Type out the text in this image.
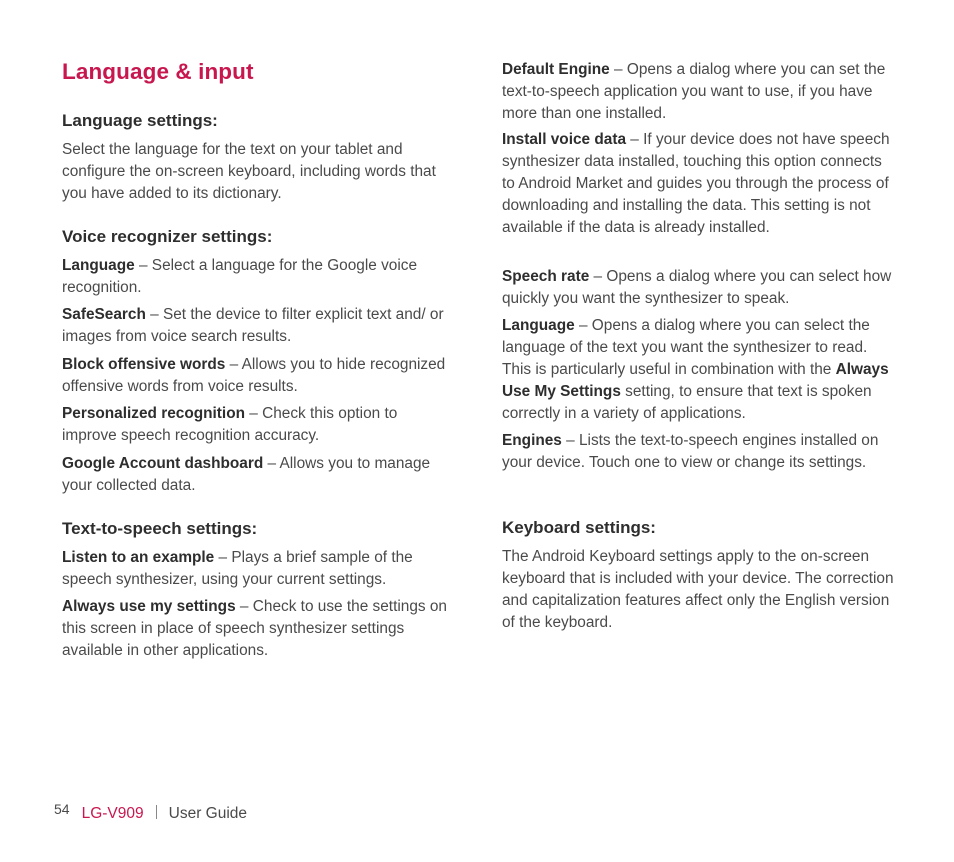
Language & input
Language settings:

Select the language for the text on your tablet and configure the on-screen keyboard, including words that you have added to its dictionary.

Voice recognizer settings:

Language – Select a language for the Google voice recognition.

SafeSearch – Set the device to filter explicit text and/ or images from voice search results.

Block offensive words – Allows you to hide recognized offensive words from voice results.

Personalized recognition – Check this option to improve speech recognition accuracy.

Google Account dashboard – Allows you to manage your collected data.

Text-to-speech settings:

Listen to an example – Plays a brief sample of the speech synthesizer, using your current settings.

Always use my settings – Check to use the settings on this screen in place of speech synthesizer settings available in other applications.

Default Engine – Opens a dialog where you can set the text-to-speech application you want to use, if you have more than one installed.

Install voice data – If your device does not have speech synthesizer data installed, touching this option connects to Android Market and guides you through the process of downloading and installing the data. This setting is not available if the data is already installed.

Speech rate – Opens a dialog where you can select how quickly you want the synthesizer to speak.

Language – Opens a dialog where you can select the language of the text you want the synthesizer to read. This is particularly useful in combination with the Always Use My Settings setting, to ensure that text is spoken correctly in a variety of applications.

Engines – Lists the text-to-speech engines installed on your device. Touch one to view or change its settings.

Keyboard settings:

The Android Keyboard settings apply to the on-screen keyboard that is included with your device. The correction and capitalization features affect only the English version of the keyboard.

54 LG-V909 User Guide
